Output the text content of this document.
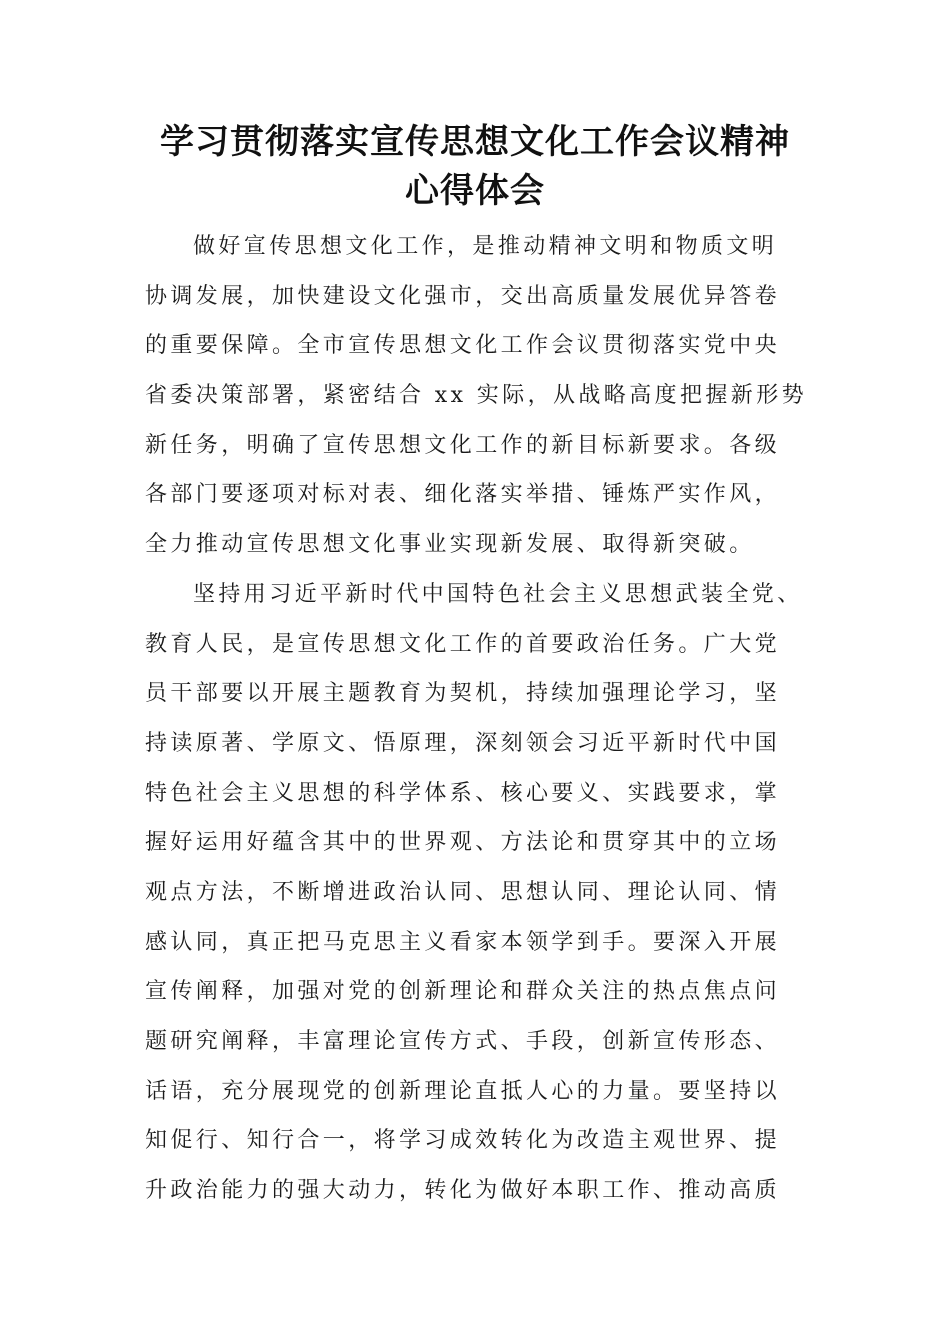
学习贯彻落实宣传思想文化工作会议精神
心得体会
做好宣传思想文化工作，是推动精神文明和物质文明
协调发展，加快建设文化强市，交出高质量发展优异答卷
的重要保障。全市宣传思想文化工作会议贯彻落实党中央
省委决策部署，紧密结合 xx 实际，从战略高度把握新形势
新任务，明确了宣传思想文化工作的新目标新要求。各级
各部门要逐项对标对表、细化落实举措、锤炼严实作风，
全力推动宣传思想文化事业实现新发展、取得新突破。
坚持用习近平新时代中国特色社会主义思想武装全党、
教育人民，是宣传思想文化工作的首要政治任务。广大党
员干部要以开展主题教育为契机，持续加强理论学习，坚
持读原著、学原文、悟原理，深刻领会习近平新时代中国
特色社会主义思想的科学体系、核心要义、实践要求，掌
握好运用好蕴含其中的世界观、方法论和贯穿其中的立场
观点方法，不断增进政治认同、思想认同、理论认同、情
感认同，真正把马克思主义看家本领学到手。要深入开展
宣传阐释，加强对党的创新理论和群众关注的热点焦点问
题研究阐释，丰富理论宣传方式、手段，创新宣传形态、
话语，充分展现党的创新理论直抵人心的力量。要坚持以
知促行、知行合一，将学习成效转化为改造主观世界、提
升政治能力的强大动力，转化为做好本职工作、推动高质
